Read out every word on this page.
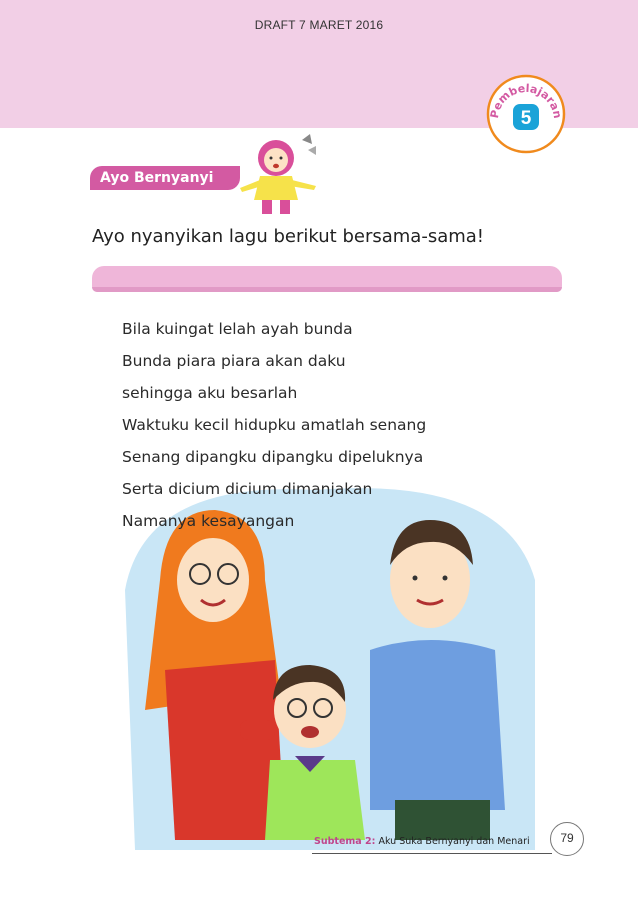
DRAFT 7 MARET 2016
Pembelajaran
5
Ayo Bernyanyi
Ayo nyanyikan lagu berikut bersama-sama!
Bila kuingat lelah ayah bunda
Bunda piara piara akan daku
sehingga aku besarlah
Waktuku kecil hidupku amatlah senang
Senang dipangku dipangku dipeluknya
Serta dicium dicium dimanjakan
Namanya kesayangan
Subtema 2: Aku Suka Bernyanyi dan Menari	79
